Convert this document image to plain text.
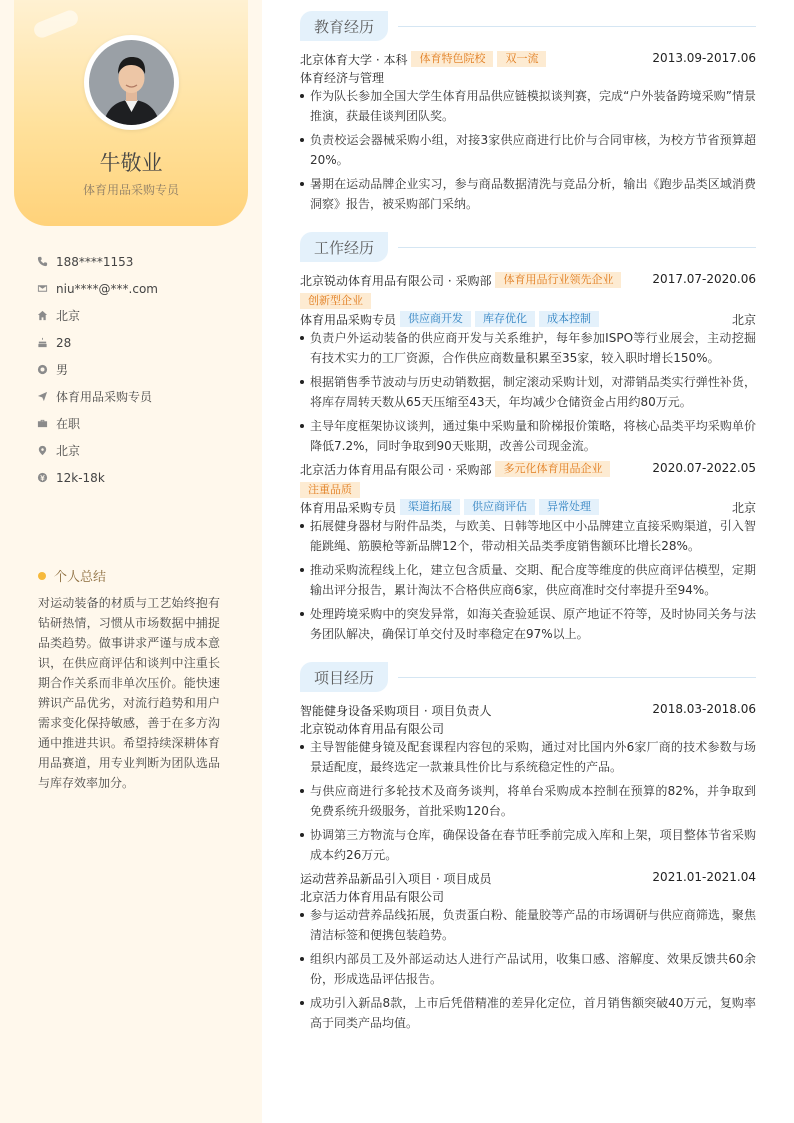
牛敬业
体育用品采购专员
188****1153
niu****@***.com
北京
28
男
体育用品采购专员
在职
北京
12k-18k
个人总结
对运动装备的材质与工艺始终抱有钻研热情，习惯从市场数据中捕捉品类趋势。做事讲求严谨与成本意识，在供应商评估和谈判中注重长期合作关系而非单次压价。能快速辨识产品优劣，对流行趋势和用户需求变化保持敏感，善于在多方沟通中推进共识。希望持续深耕体育用品赛道，用专业判断为团队选品与库存效率加分。
教育经历
北京体育大学 · 本科	体育特色院校	双一流	2013.09-2017.06
体育经济与管理
作为队长参加全国大学生体育用品供应链模拟谈判赛，完成“户外装备跨境采购”情景推演，获最佳谈判团队奖。
负责校运会器械采购小组，对接3家供应商进行比价与合同审核，为校方节省预算超20%。
暑期在运动品牌企业实习，参与商品数据清洗与竞品分析，输出《跑步品类区域消费洞察》报告，被采购部门采纳。
工作经历
北京锐动体育用品有限公司 · 采购部	体育用品行业领先企业	2017.07-2020.06
创新型企业
体育用品采购专员	供应商开发	库存优化	成本控制	北京
负责户外运动装备的供应商开发与关系维护，每年参加ISPO等行业展会，主动挖掘有技术实力的工厂资源，合作供应商数量积累至35家，较入职时增长150%。
根据销售季节波动与历史动销数据，制定滚动采购计划，对滞销品类实行弹性补货，将库存周转天数从65天压缩至43天，年均减少仓储资金占用约80万元。
主导年度框架协议谈判，通过集中采购量和阶梯报价策略，将核心品类平均采购单价降低7.2%，同时争取到90天账期，改善公司现金流。
北京活力体育用品有限公司 · 采购部	多元化体育用品企业	2020.07-2022.05
注重品质
体育用品采购专员	渠道拓展	供应商评估	异常处理	北京
拓展健身器材与附件品类，与欧美、日韩等地区中小品牌建立直接采购渠道，引入智能跳绳、筋膜枪等新品牌12个，带动相关品类季度销售额环比增长28%。
推动采购流程线上化，建立包含质量、交期、配合度等维度的供应商评估模型，定期输出评分报告，累计淘汰不合格供应商6家，供应商准时交付率提升至94%。
处理跨境采购中的突发异常，如海关查验延误、原产地证不符等，及时协同关务与法务团队解决，确保订单交付及时率稳定在97%以上。
项目经历
智能健身设备采购项目 · 项目负责人	2018.03-2018.06
北京锐动体育用品有限公司
主导智能健身镜及配套课程内容包的采购，通过对比国内外6家厂商的技术参数与场景适配度，最终选定一款兼具性价比与系统稳定性的产品。
与供应商进行多轮技术及商务谈判，将单台采购成本控制在预算的82%，并争取到免费系统升级服务，首批采购120台。
协调第三方物流与仓库，确保设备在春节旺季前完成入库和上架，项目整体节省采购成本约26万元。
运动营养品新品引入项目 · 项目成员	2021.01-2021.04
北京活力体育用品有限公司
参与运动营养品线拓展，负责蛋白粉、能量胶等产品的市场调研与供应商筛选，聚焦清洁标签和便携包装趋势。
组织内部员工及外部运动达人进行产品试用，收集口感、溶解度、效果反馈共60余份，形成选品评估报告。
成功引入新品8款，上市后凭借精准的差异化定位，首月销售额突破40万元，复购率高于同类产品均值。
